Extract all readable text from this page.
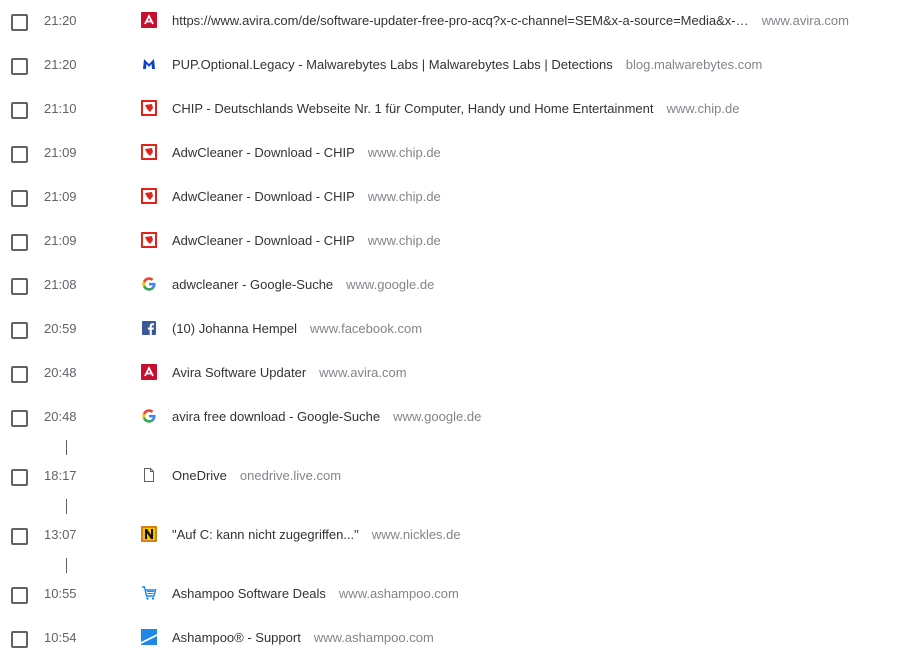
21:20	https://www.avira.com/de/software-updater-free-pro-acq?x-c-channel=SEM&x-a-source=Media&x-… www.avira.com
21:20	PUP.Optional.Legacy - Malwarebytes Labs | Malwarebytes Labs | Detections blog.malwarebytes.com
21:10	CHIP - Deutschlands Webseite Nr. 1 für Computer, Handy und Home Entertainment www.chip.de
21:09	AdwCleaner - Download - CHIP www.chip.de
21:09	AdwCleaner - Download - CHIP www.chip.de
21:09	AdwCleaner - Download - CHIP www.chip.de
21:08	adwcleaner - Google-Suche www.google.de
20:59	(10) Johanna Hempel www.facebook.com
20:48	Avira Software Updater www.avira.com
20:48	avira free download - Google-Suche www.google.de
18:17	OneDrive onedrive.live.com
13:07	"Auf C: kann nicht zugegriffen..." www.nickles.de
10:55	Ashampoo Software Deals www.ashampoo.com
10:54	Ashampoo® - Support www.ashampoo.com
